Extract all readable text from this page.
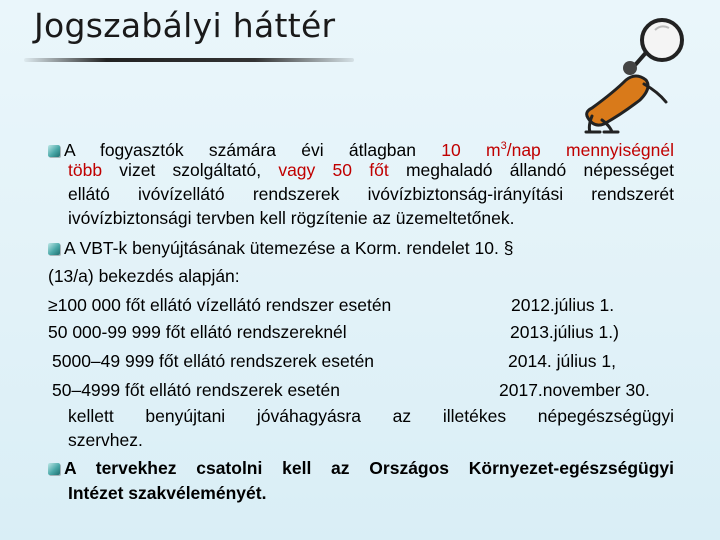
Jogszabályi háttér
A fogyasztók számára évi átlagban 10 $m^3$/nap mennyiségnél
több vizet szolgáltató, vagy 50 főt meghaladó állandó népességet
ellátó ivóvízellátó rendszerek ivóvízbiztonság-irányítási rendszerét
ivóvízbiztonsági tervben kell rögzítenie az üzemeltetőnek.
A VBT-k benyújtásának ütemezése a Korm. rendelet 10. §
(13/a) bekezdés alapján:
≥100 000 főt ellátó vízellátó rendszer esetén	2012.július 1.
50 000-99 999 főt ellátó rendszereknél	2013.július 1.)
5000–49 999 főt ellátó rendszerek esetén	2014. július 1,
50–4999 főt ellátó rendszerek esetén	2017.november 30.
kellett benyújtani jóváhagyásra az illetékes népegészségügyi
szervhez.
A tervekhez csatolni kell az Országos Környezet-egészségügyi
Intézet szakvéleményét.
